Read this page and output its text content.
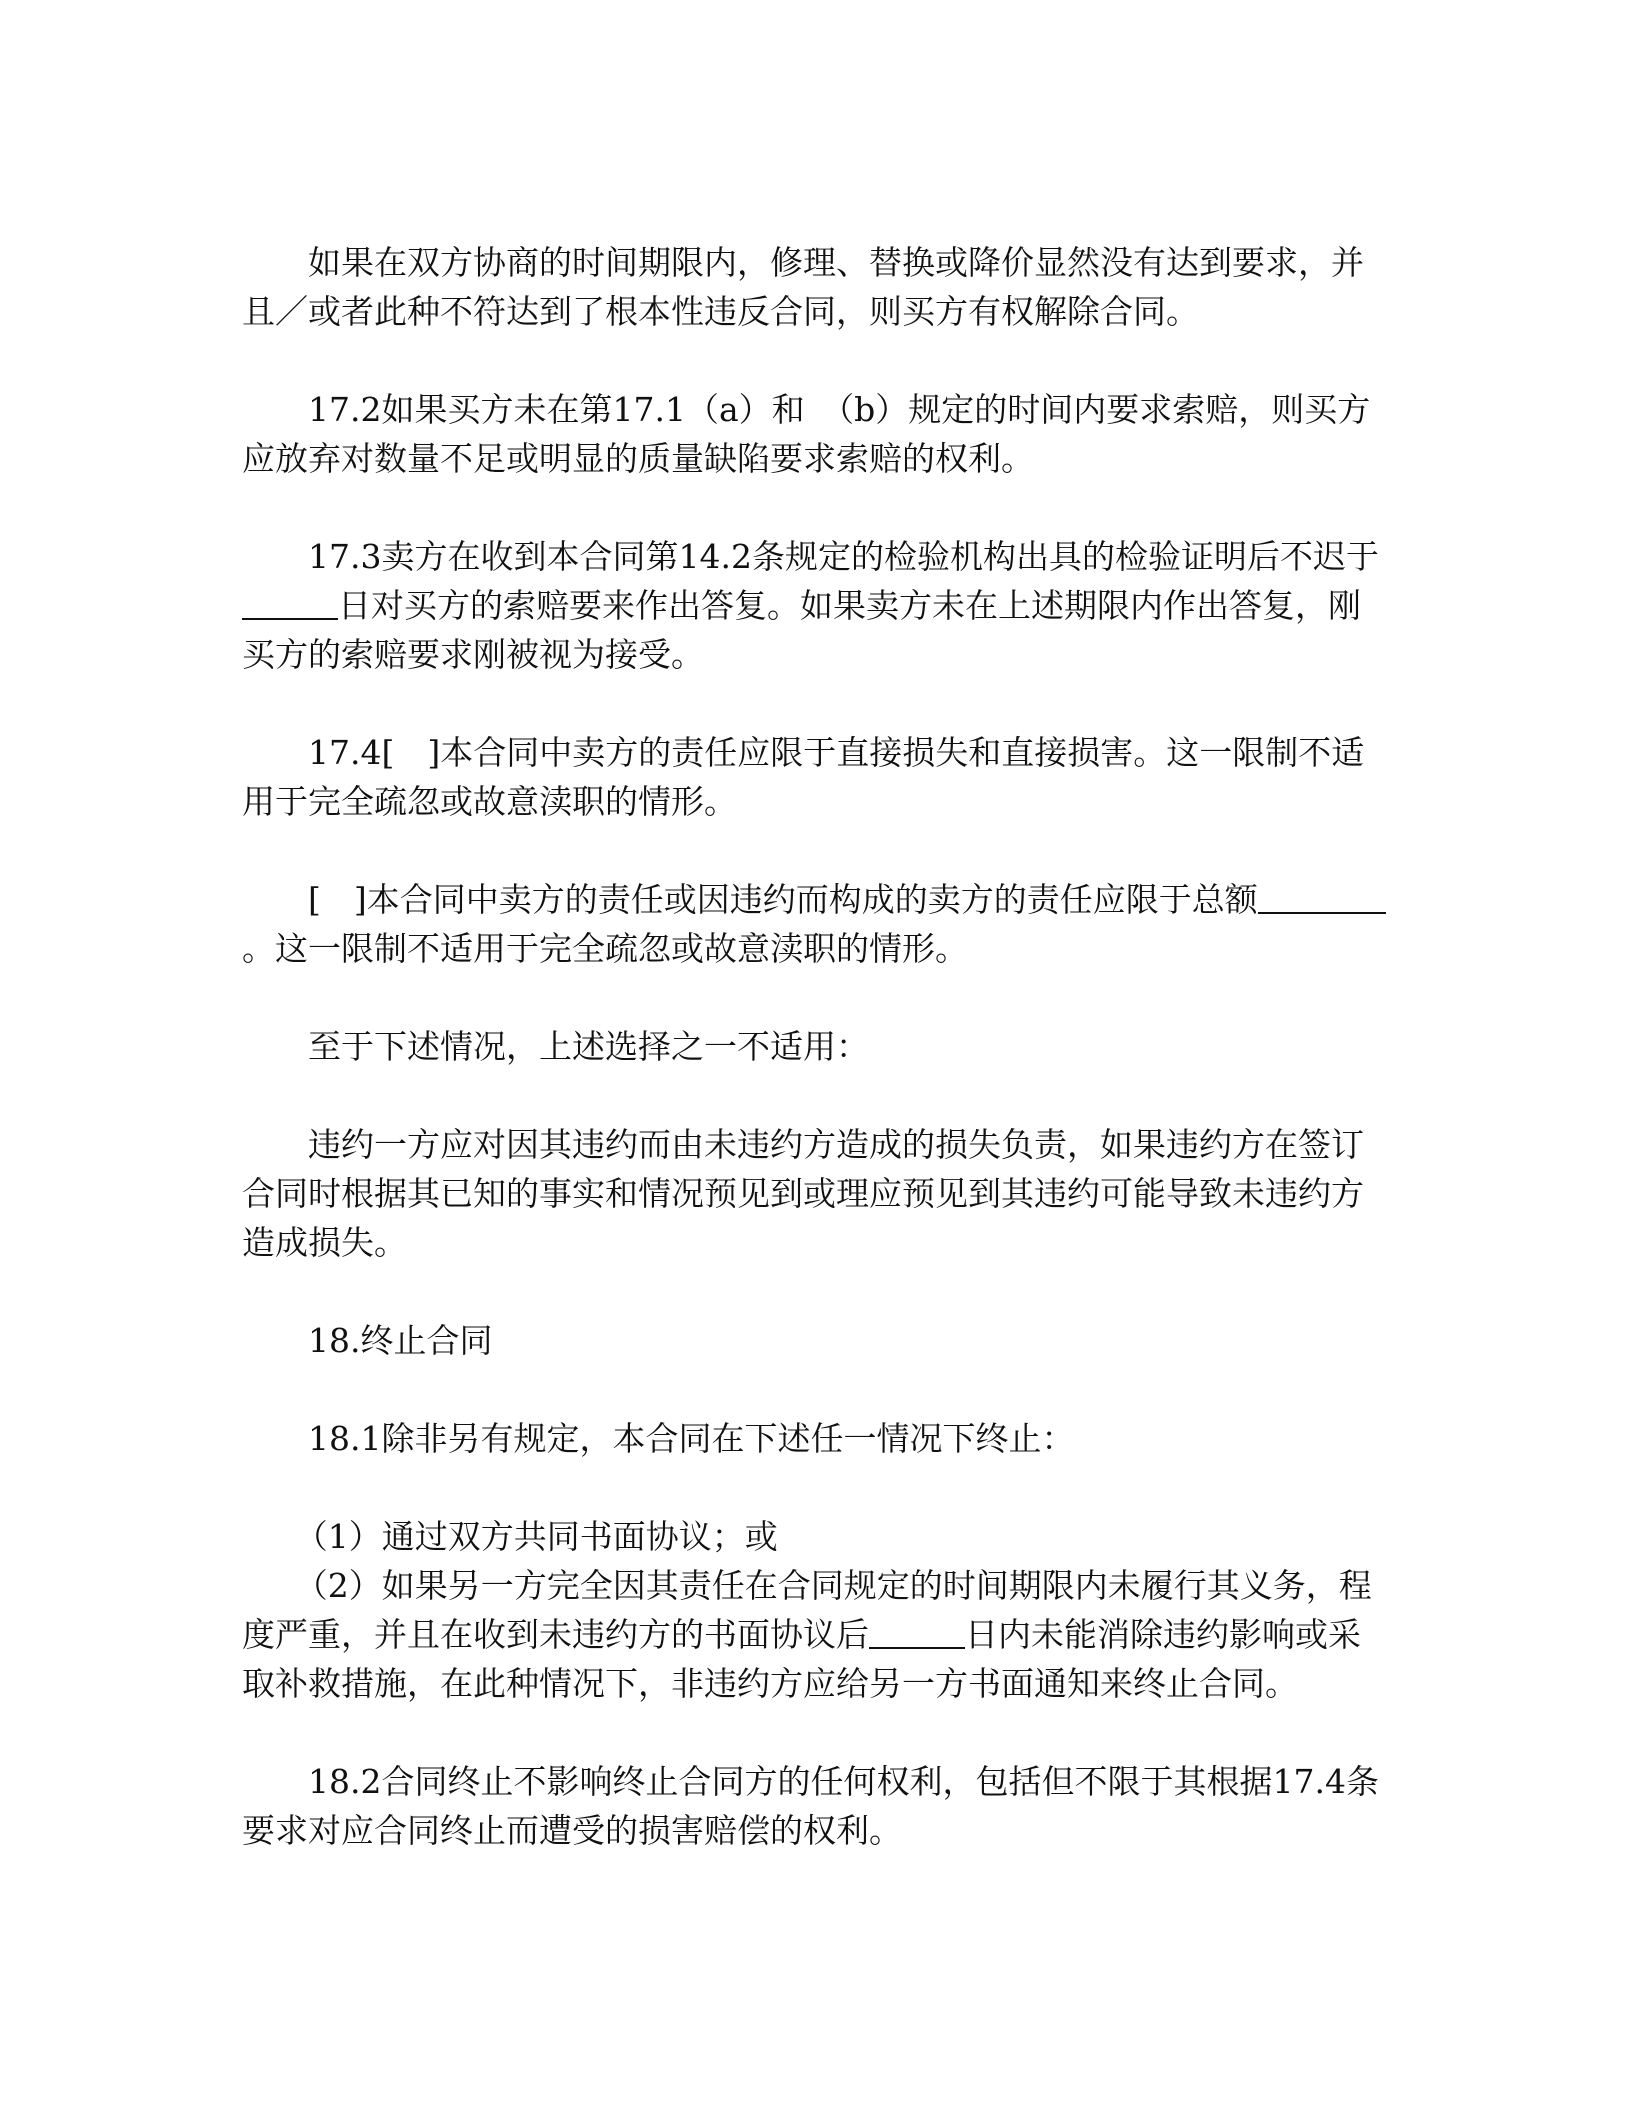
如果在双方协商的时间期限内，修理、替换或降价显然没有达到要求，并且／或者此种不符达到了根本性违反合同，则买方有权解除合同。

17.2如果买方未在第17.1（a）和　（b）规定的时间内要求索赔，则买方应放弃对数量不足或明显的质量缺陷要求索赔的权利。

17.3卖方在收到本合同第14.2条规定的检验机构出具的检验证明后不迟于日对买方的索赔要来作出答复。如果卖方未在上述期限内作出答复，刚买方的索赔要求刚被视为接受。

17.4[　]本合同中卖方的责任应限于直接损失和直接损害。这一限制不适用于完全疏忽或故意渎职的情形。

[　]本合同中卖方的责任或因违约而构成的卖方的责任应限于总额。这一限制不适用于完全疏忽或故意渎职的情形。

至于下述情况，上述选择之一不适用：

违约一方应对因其违约而由未违约方造成的损失负责，如果违约方在签订合同时根据其已知的事实和情况预见到或理应预见到其违约可能导致未违约方造成损失。

18.终止合同

18.1除非另有规定，本合同在下述任一情况下终止：

（1）通过双方共同书面协议；或

（2）如果另一方完全因其责任在合同规定的时间期限内未履行其义务，程度严重，并且在收到未违约方的书面协议后	日内未能消除违约影响或采取补救措施，在此种情况下，非违约方应给另一方书面通知来终止合同。

18.2合同终止不影响终止合同方的任何权利，包括但不限于其根据17.4条要求对应合同终止而遭受的损害赔偿的权利。
